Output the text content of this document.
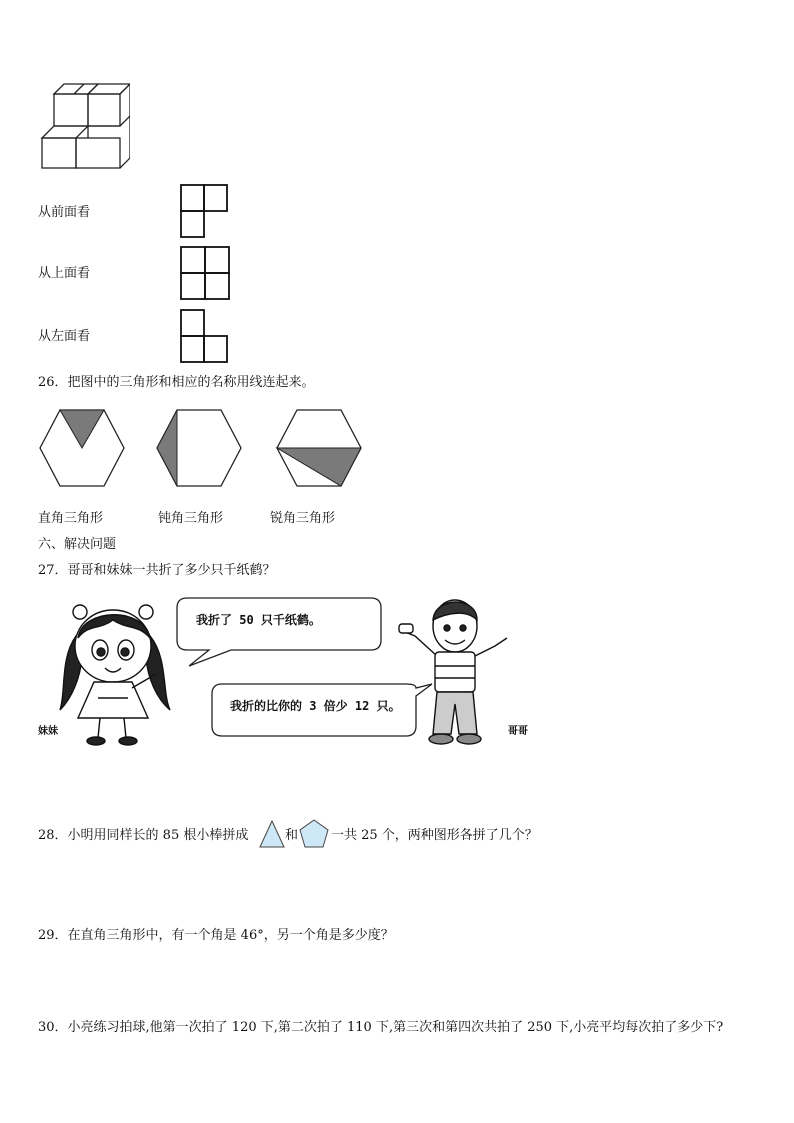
从前面看
从上面看
从左面看
26．把图中的三角形和相应的名称用线连起来。
直角三角形	钝角三角形	锐角三角形
六、解决问题
27．哥哥和妹妹一共折了多少只千纸鹤？
妹妹
我折了 50 只千纸鹤。
我折的比你的 3 倍少 12 只。
哥哥
28．小明用同样长的 85 根小棒拼成	和	一共 25 个，两种图形各拼了几个？
29．在直角三角形中，有一个角是 46°，另一个角是多少度？
30．小亮练习拍球,他第一次拍了 120 下,第二次拍了 110 下,第三次和第四次共拍了 250 下,小亮平均每次拍了多少下?
